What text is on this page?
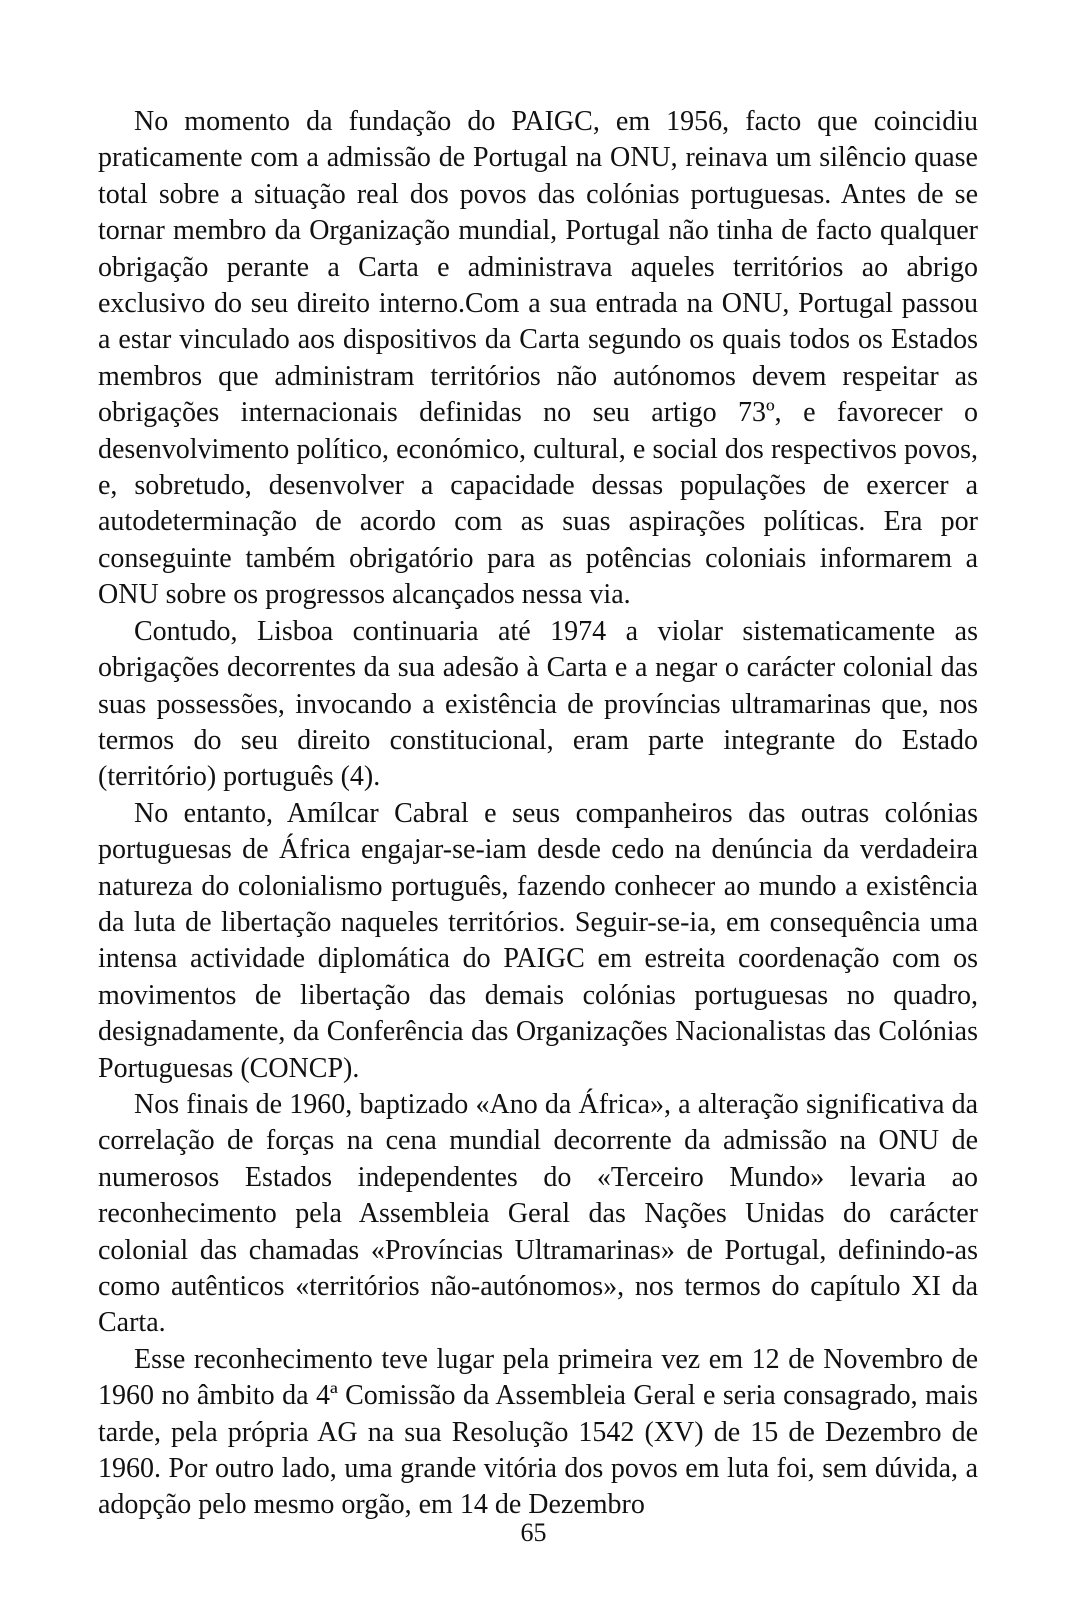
No momento da fundação do PAIGC, em 1956, facto que coincidiu praticamente com a admissão de Portugal na ONU, reinava um silêncio quase total sobre a situação real dos povos das colónias portuguesas. Antes de se tornar membro da Organização mundial, Portugal não tinha de facto qualquer obrigação perante a Carta e administrava aqueles territórios ao abrigo exclusivo do seu direito interno.Com a sua entrada na ONU, Portugal passou a estar vinculado aos dispositivos da Carta segundo os quais todos os Estados membros que administram territórios não autónomos devem respeitar as obrigações internacionais definidas no seu artigo 73º, e favorecer o desenvolvimento político, económico, cultural, e social dos respectivos povos, e, sobretudo, desenvolver a capacidade dessas populações de exercer a autodeterminação de acordo com as suas aspirações políticas. Era por conseguinte também obrigatório para as potências coloniais informarem a ONU sobre os progressos alcançados nessa via.

Contudo, Lisboa continuaria até 1974 a violar sistematicamente as obrigações decorrentes da sua adesão à Carta e a negar o carácter colonial das suas possessões, invocando a existência de províncias ultramarinas que, nos termos do seu direito constitucional, eram parte integrante do Estado (território) português (4).

No entanto, Amílcar Cabral e seus companheiros das outras colónias portuguesas de África engajar-se-iam desde cedo na denúncia da verdadeira natureza do colonialismo português, fazendo conhecer ao mundo a existência da luta de libertação naqueles territórios. Seguir-se-ia, em consequência uma intensa actividade diplomática do PAIGC em estreita coordenação com os movimentos de libertação das demais colónias portuguesas no quadro, designadamente, da Conferência das Organizações Nacionalistas das Colónias Portuguesas (CONCP).

Nos finais de 1960, baptizado «Ano da África», a alteração significativa da correlação de forças na cena mundial decorrente da admissão na ONU de numerosos Estados independentes do «Terceiro Mundo» levaria ao reconhecimento pela Assembleia Geral das Nações Unidas do carácter colonial das chamadas «Províncias Ultramarinas» de Portugal, definindo-as como autênticos «territórios não-autónomos», nos termos do capítulo XI da Carta.

Esse reconhecimento teve lugar pela primeira vez em 12 de Novembro de 1960 no âmbito da 4ª Comissão da Assembleia Geral e seria consagrado, mais tarde, pela própria AG na sua Resolução 1542 (XV) de 15 de Dezembro de 1960. Por outro lado, uma grande vitória dos povos em luta foi, sem dúvida, a adopção pelo mesmo orgão, em 14 de Dezembro

65
